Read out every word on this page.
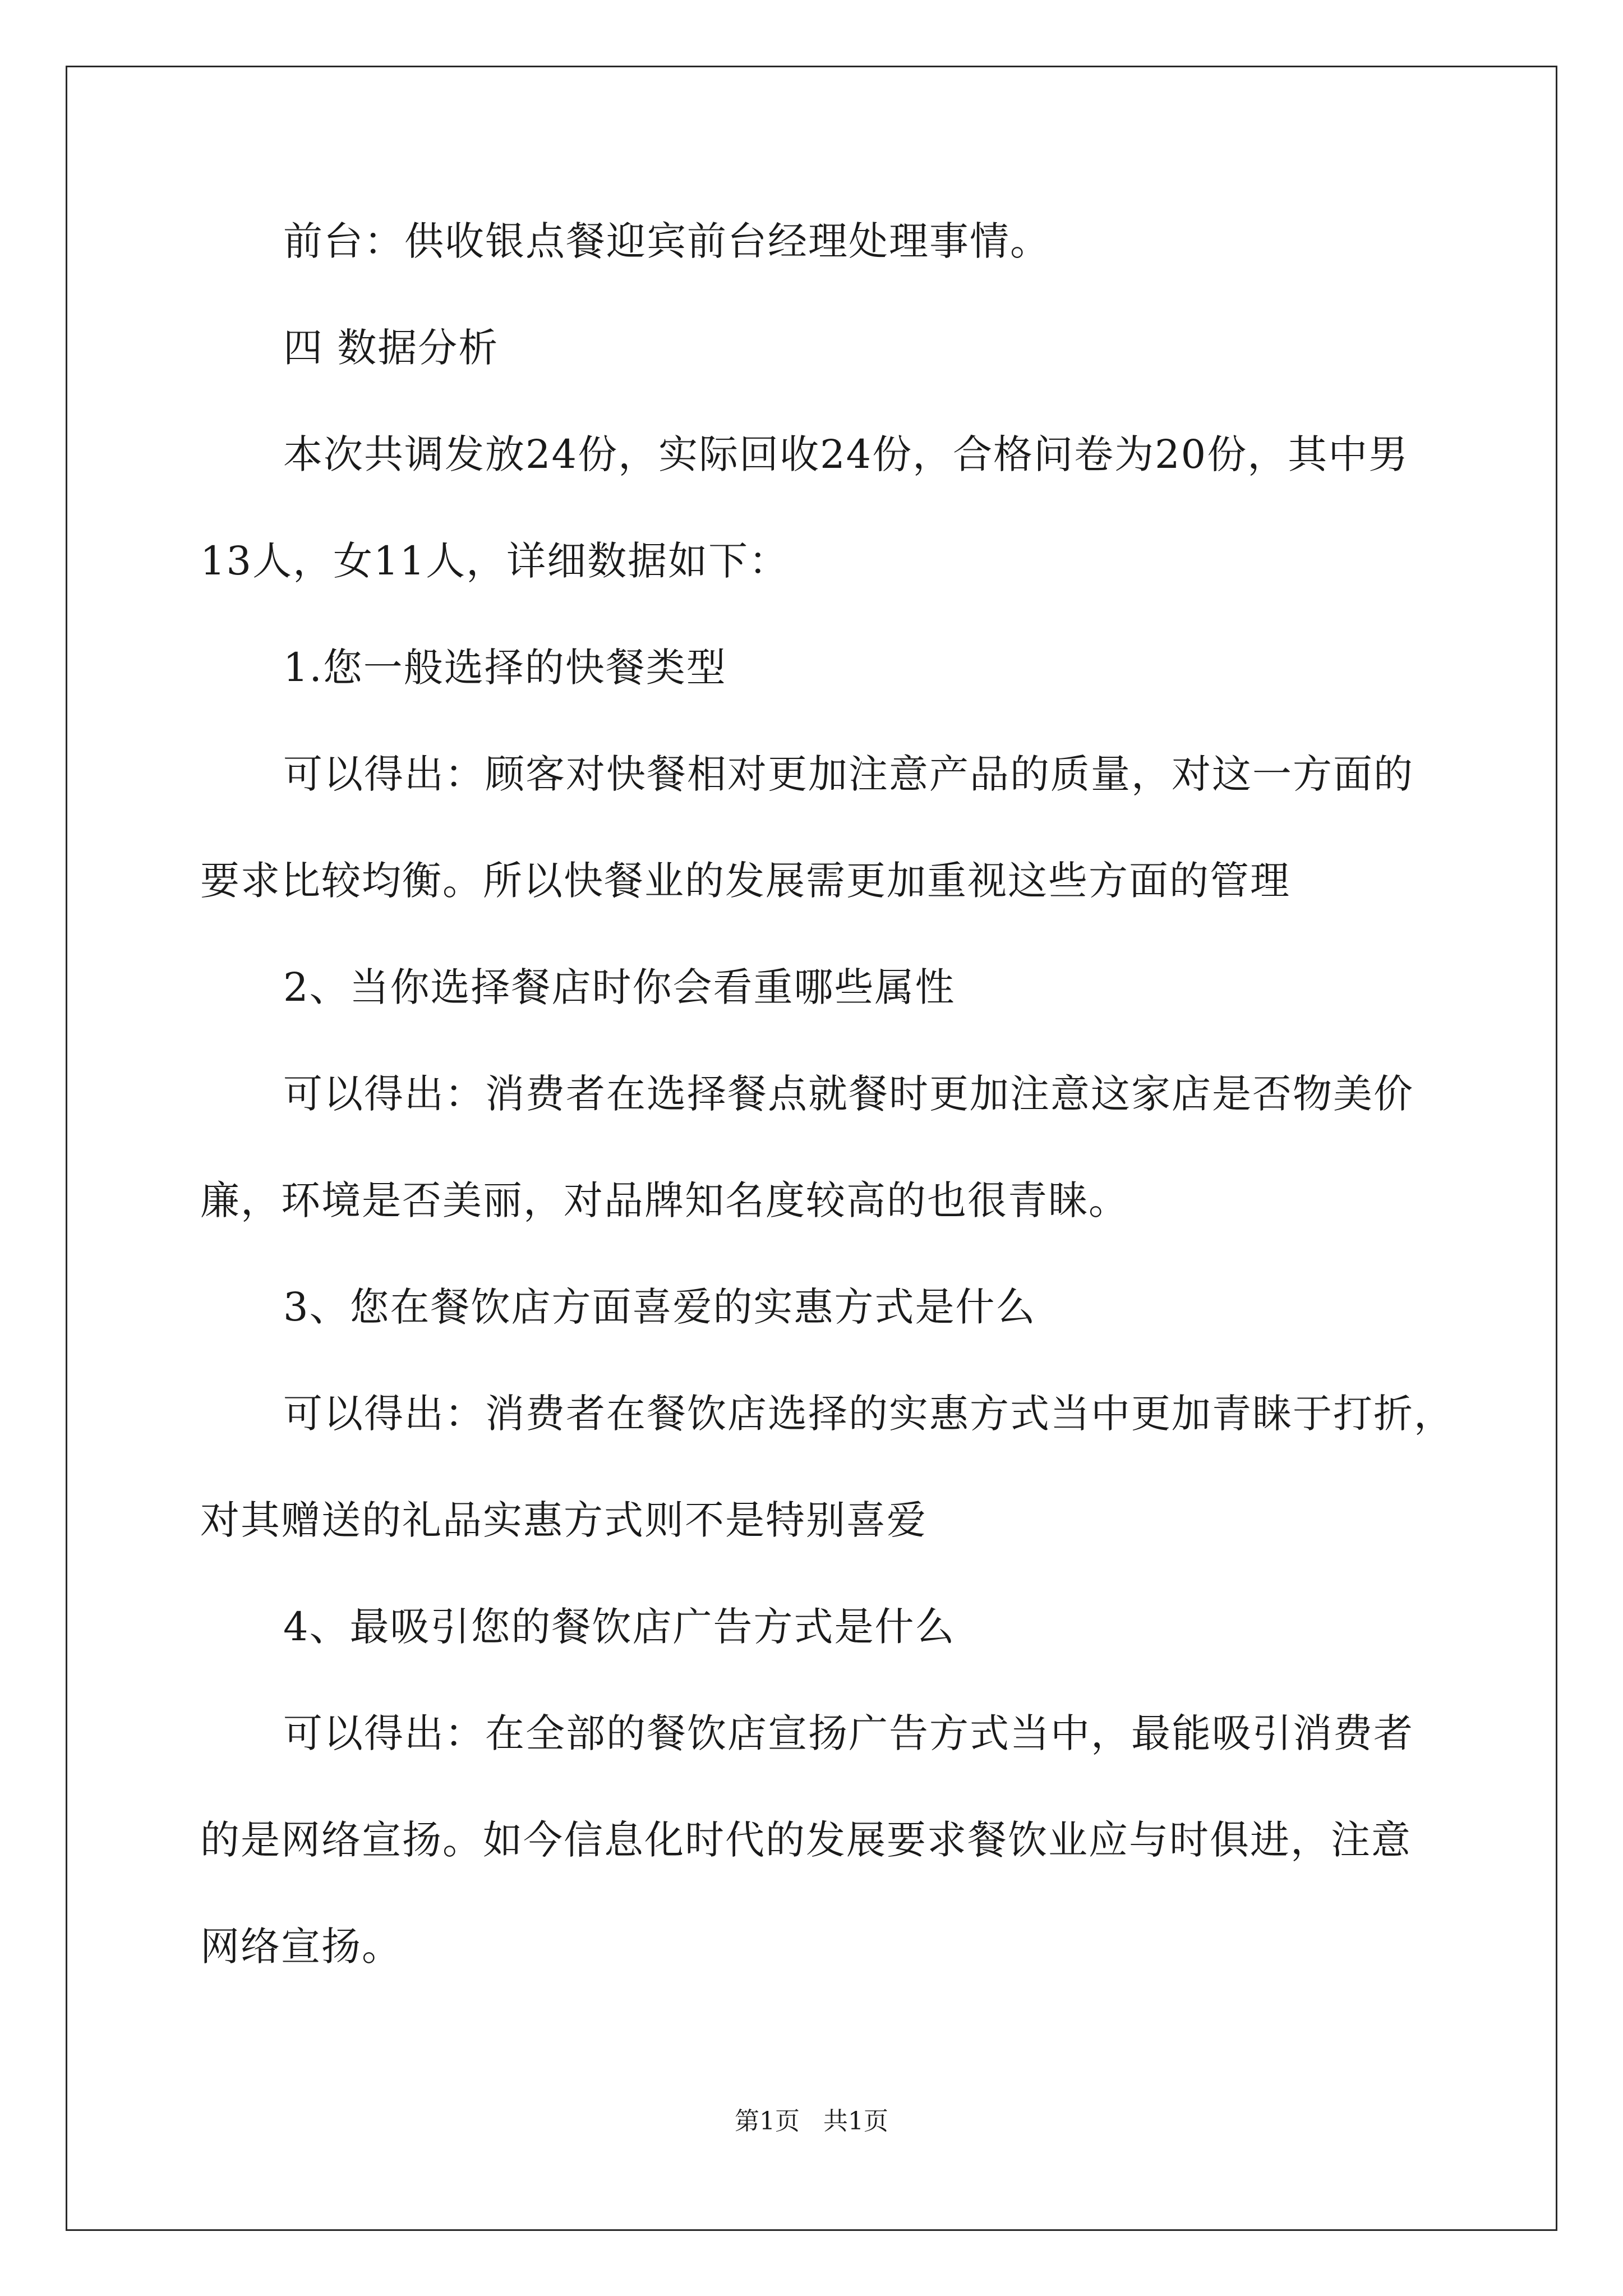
前台：供收银点餐迎宾前台经理处理事情。
四 数据分析
本次共调发放24份，实际回收24份，合格问卷为20份，其中男
13人，女11人，详细数据如下：
1.您一般选择的快餐类型
可以得出：顾客对快餐相对更加注意产品的质量，对这一方面的
要求比较均衡。所以快餐业的发展需更加重视这些方面的管理
2、当你选择餐店时你会看重哪些属性
可以得出：消费者在选择餐点就餐时更加注意这家店是否物美价
廉，环境是否美丽，对品牌知名度较高的也很青睐。
3、您在餐饮店方面喜爱的实惠方式是什么
可以得出：消费者在餐饮店选择的实惠方式当中更加青睐于打折，
对其赠送的礼品实惠方式则不是特别喜爱
4、最吸引您的餐饮店广告方式是什么
可以得出：在全部的餐饮店宣扬广告方式当中，最能吸引消费者
的是网络宣扬。如今信息化时代的发展要求餐饮业应与时俱进，注意
网络宣扬。
第1页   共1页
